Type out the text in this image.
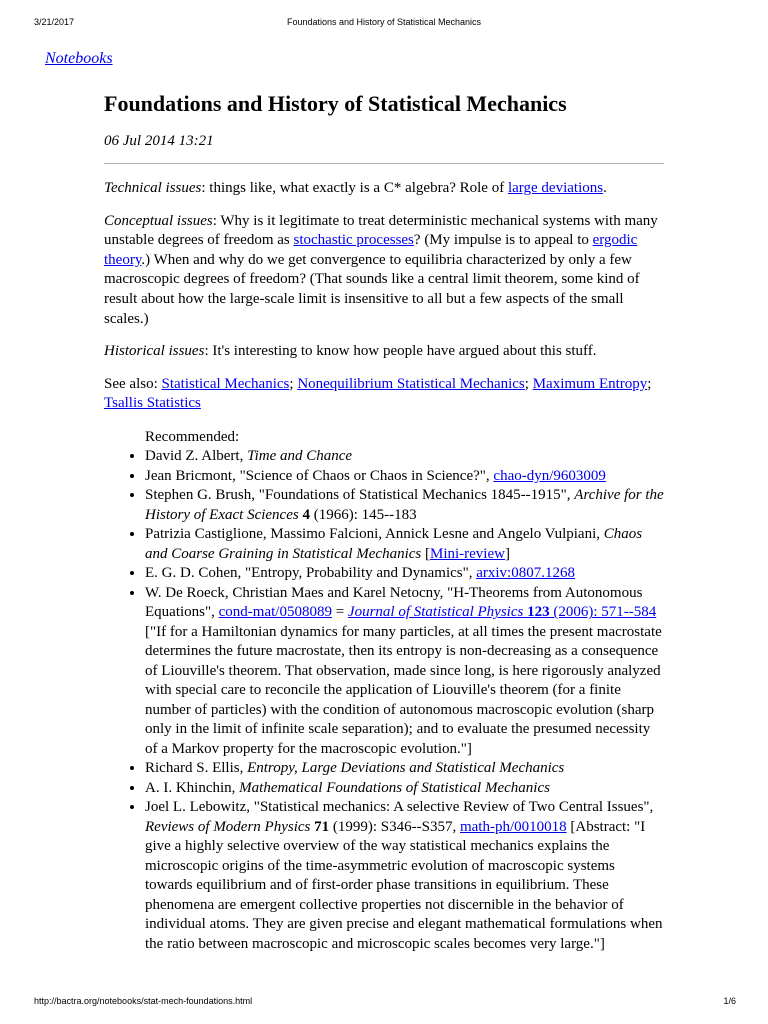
3/21/2017	Foundations and History of Statistical Mechanics
Notebooks
Foundations and History of Statistical Mechanics
06 Jul 2014 13:21

Technical issues: things like, what exactly is a C* algebra? Role of large deviations.

Conceptual issues: Why is it legitimate to treat deterministic mechanical systems with many unstable degrees of freedom as stochastic processes? (My impulse is to appeal to ergodic theory.) When and why do we get convergence to equilibria characterized by only a few macroscopic degrees of freedom? (That sounds like a central limit theorem, some kind of result about how the large-scale limit is insensitive to all but a few aspects of the small scales.)

Historical issues: It's interesting to know how people have argued about this stuff.

See also: Statistical Mechanics; Nonequilibrium Statistical Mechanics; Maximum Entropy; Tsallis Statistics

Recommended:
• David Z. Albert, Time and Chance
• Jean Bricmont, "Science of Chaos or Chaos in Science?", chao-dyn/9603009
• Stephen G. Brush, "Foundations of Statistical Mechanics 1845--1915", Archive for the History of Exact Sciences 4 (1966): 145--183
• Patrizia Castiglione, Massimo Falcioni, Annick Lesne and Angelo Vulpiani, Chaos and Coarse Graining in Statistical Mechanics [Mini-review]
• E. G. D. Cohen, "Entropy, Probability and Dynamics", arxiv:0807.1268
• W. De Roeck, Christian Maes and Karel Netocny, "H-Theorems from Autonomous Equations", cond-mat/0508089 = Journal of Statistical Physics 123 (2006): 571--584 ["If for a Hamiltonian dynamics for many particles, at all times the present macrostate determines the future macrostate, then its entropy is non-decreasing as a consequence of Liouville's theorem. That observation, made since long, is here rigorously analyzed with special care to reconcile the application of Liouville's theorem (for a finite number of particles) with the condition of autonomous macroscopic evolution (sharp only in the limit of infinite scale separation); and to evaluate the presumed necessity of a Markov property for the macroscopic evolution."]
• Richard S. Ellis, Entropy, Large Deviations and Statistical Mechanics
• A. I. Khinchin, Mathematical Foundations of Statistical Mechanics
• Joel L. Lebowitz, "Statistical mechanics: A selective Review of Two Central Issues", Reviews of Modern Physics 71 (1999): S346--S357, math-ph/0010018 [Abstract: "I give a highly selective overview of the way statistical mechanics explains the microscopic origins of the time-asymmetric evolution of macroscopic systems towards equilibrium and of first-order phase transitions in equilibrium. These phenomena are emergent collective properties not discernible in the behavior of individual atoms. They are given precise and elegant mathematical formulations when the ratio between macroscopic and microscopic scales becomes very large."]
http://bactra.org/notebooks/stat-mech-foundations.html	1/6
